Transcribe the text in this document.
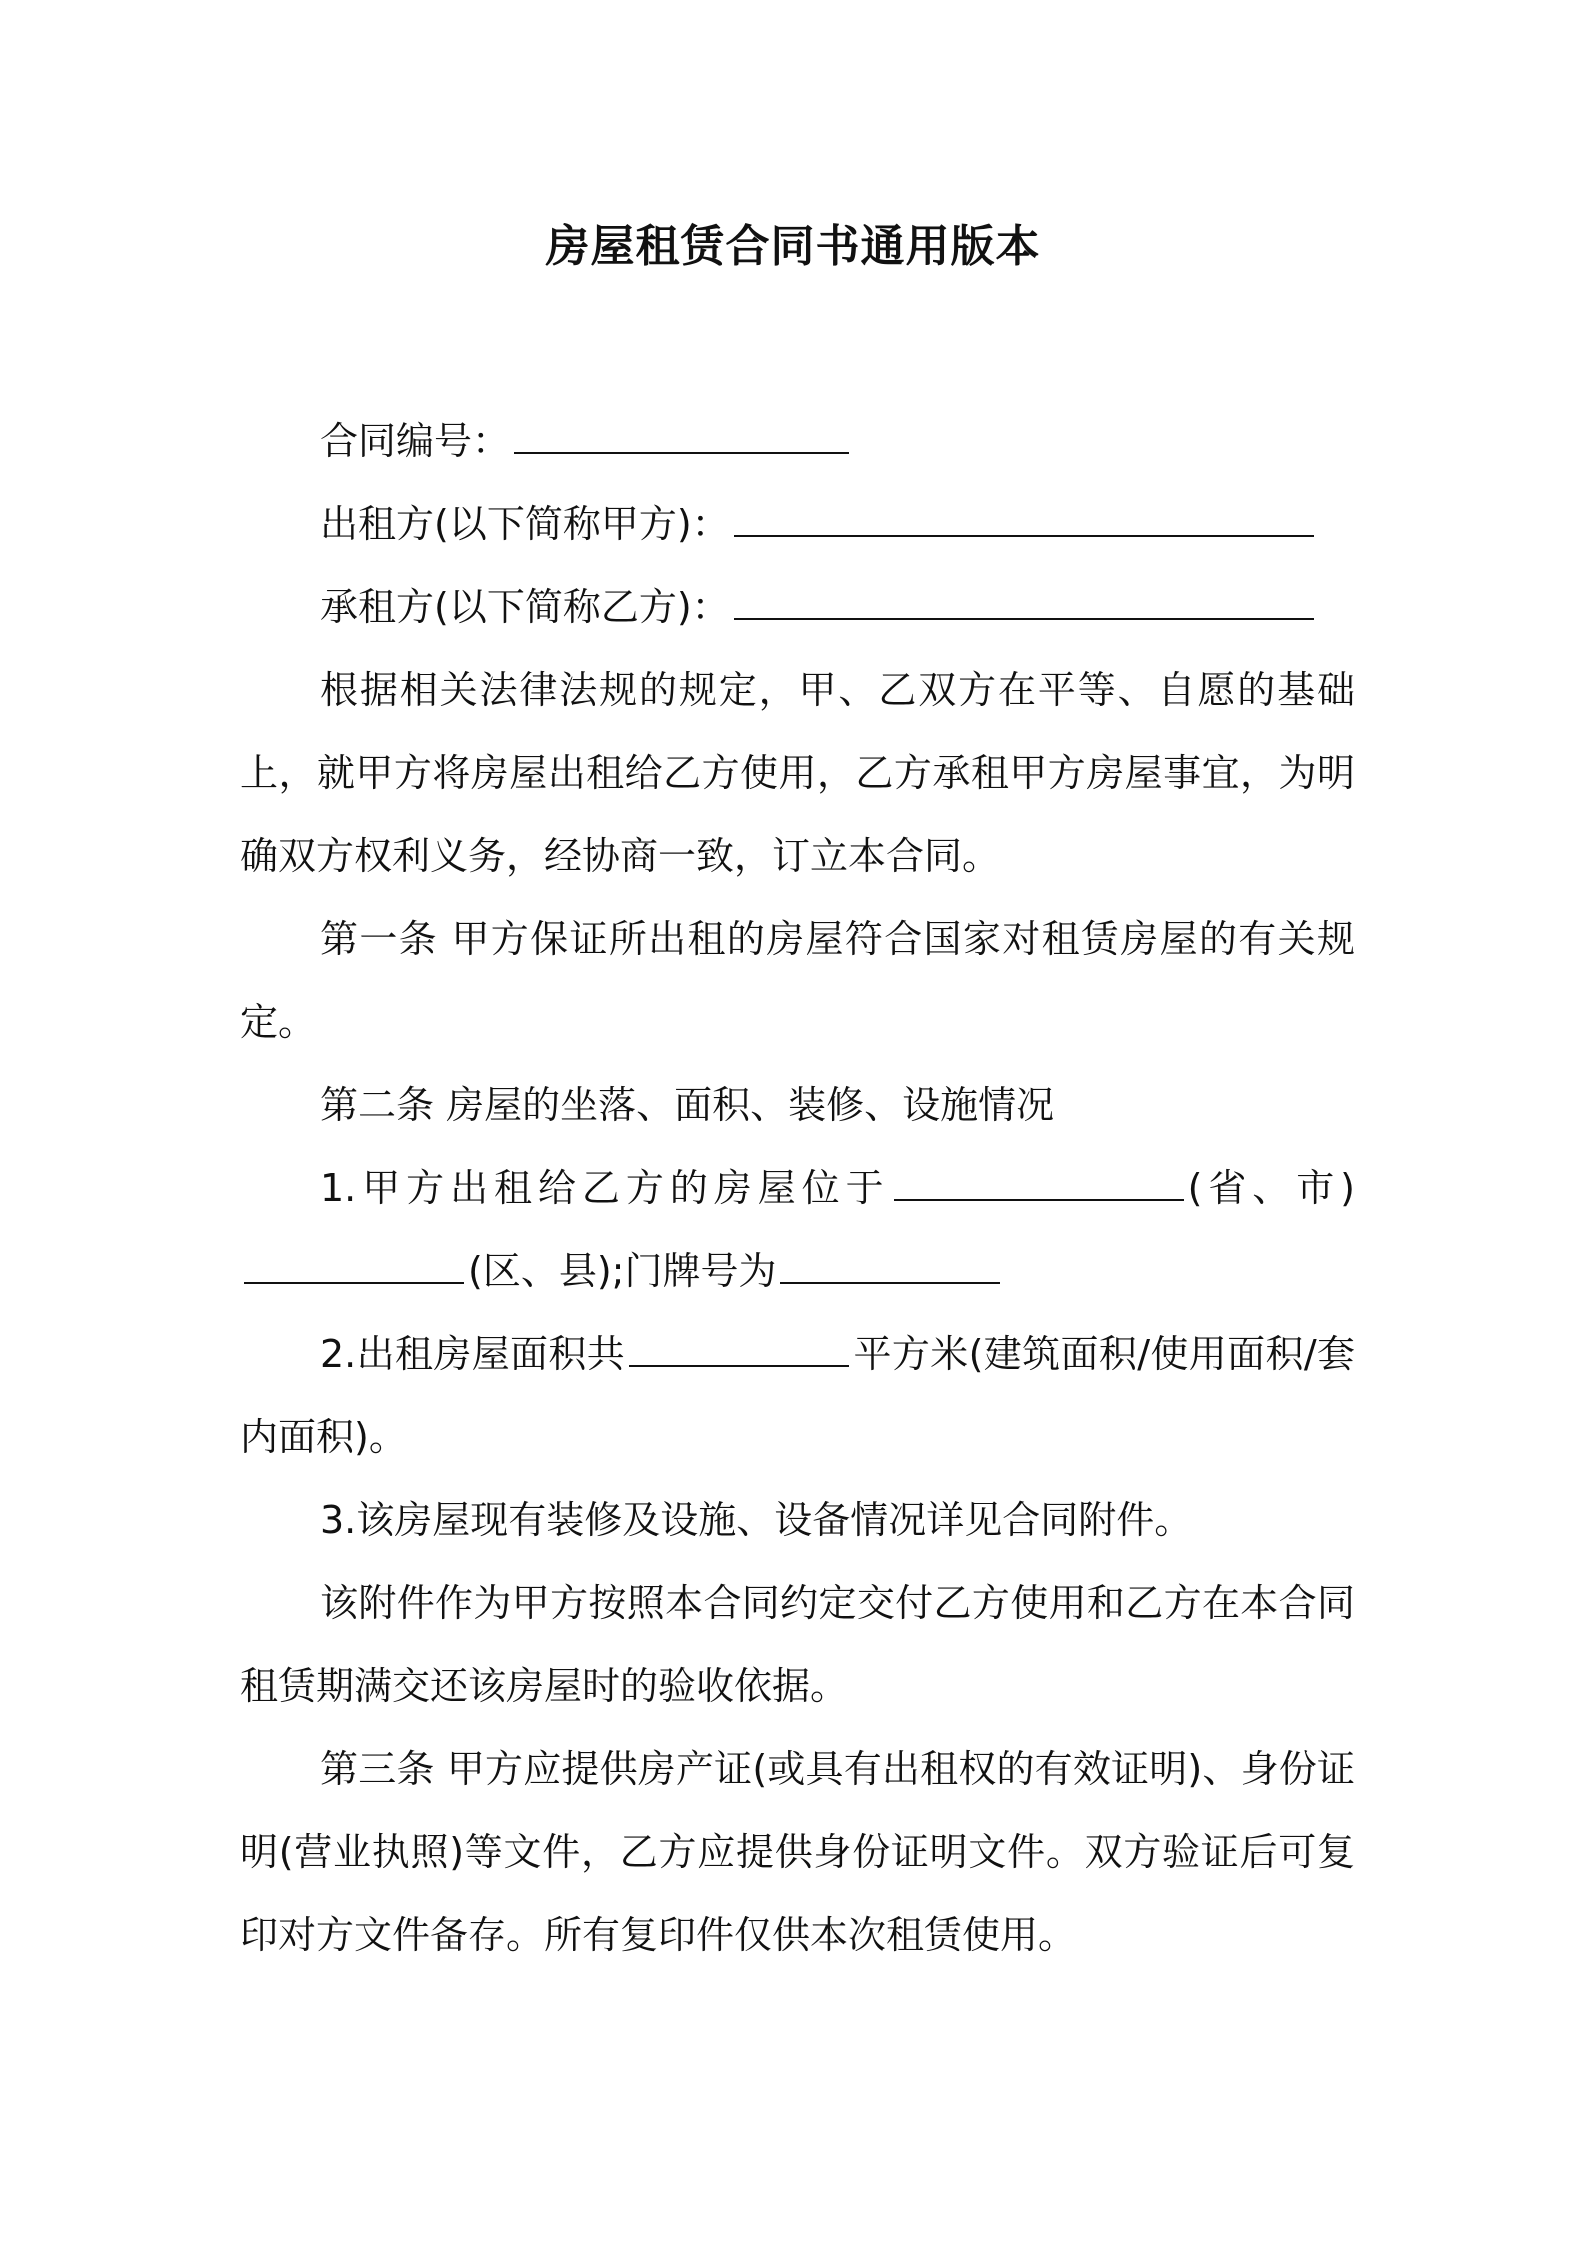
房屋租赁合同书通用版本

合同编号：

出租方(以下简称甲方)：

承租方(以下简称乙方)：

根据相关法律法规的规定，甲、乙双方在平等、自愿的基础上，就甲方将房屋出租给乙方使用，乙方承租甲方房屋事宜，为明确双方权利义务，经协商一致，订立本合同。

第一条 甲方保证所出租的房屋符合国家对租赁房屋的有关规定。

第二条 房屋的坐落、面积、装修、设施情况

1.甲方出租给乙方的房屋位于	(省、市)(区、县);门牌号为

2.出租房屋面积共	平方米(建筑面积/使用面积/套内面积)。

3.该房屋现有装修及设施、设备情况详见合同附件。

该附件作为甲方按照本合同约定交付乙方使用和乙方在本合同租赁期满交还该房屋时的验收依据。

第三条 甲方应提供房产证(或具有出租权的有效证明)、身份证明(营业执照)等文件，乙方应提供身份证明文件。双方验证后可复印对方文件备存。所有复印件仅供本次租赁使用。
